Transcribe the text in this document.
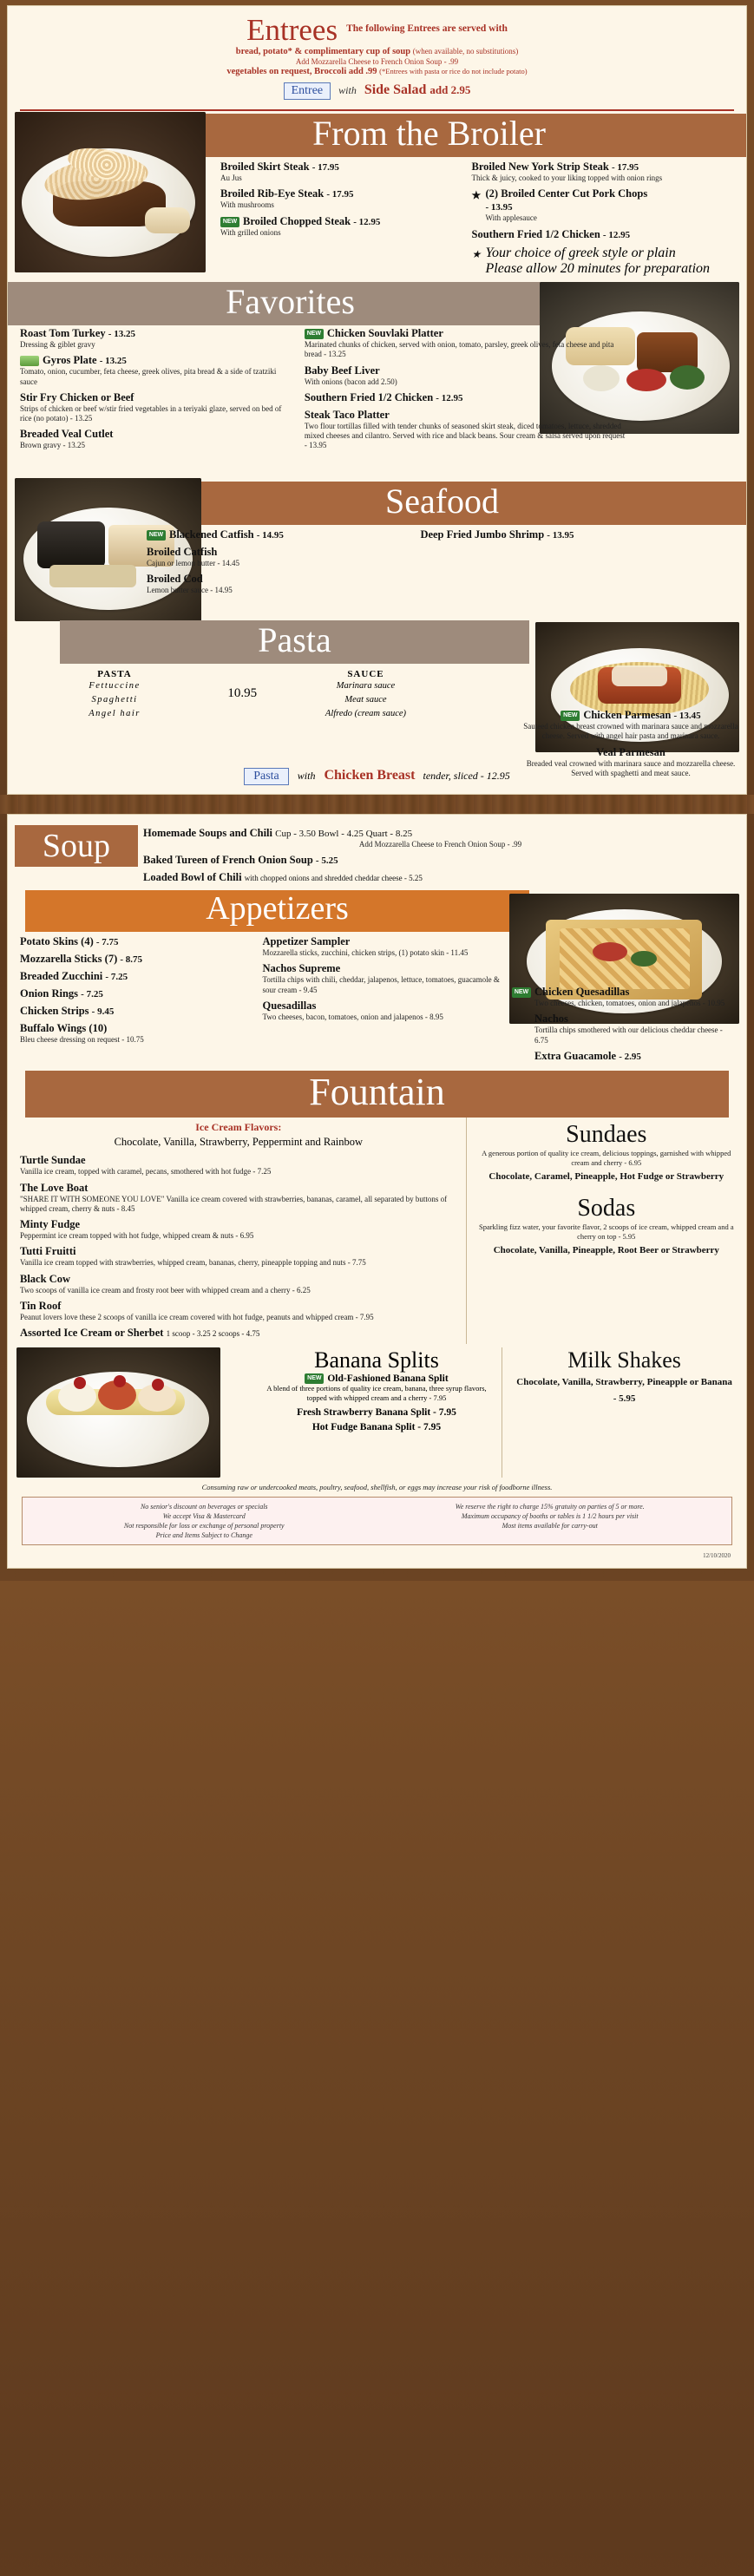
Entrees The following Entrees are served with
bread, potato* & complimentary cup of soup (when available, no substitutions)
Add Mozzarella Cheese to French Onion Soup - .99
vegetables on request, Broccoli add .99 (*Entrees with pasta or rice do not include potato)
Entree with Side Salad add 2.95
From the Broiler
Broiled Skirt Steak - 17.95
Au Jus
Broiled Rib-Eye Steak - 17.95
With mushrooms
NEW Broiled Chopped Steak - 12.95
With grilled onions
Broiled New York Strip Steak - 17.95
Thick & juicy, cooked to your liking topped with onion rings
★ (2) Broiled Center Cut Pork Chops
- 13.95
With applesauce
Southern Fried 1/2 Chicken - 12.95
★ Your choice of greek style or plain
Please allow 20 minutes for preparation
Favorites
Roast Tom Turkey - 13.25
Dressing & giblet gravy
Gyros Plate - 13.25
Tomato, onion, cucumber, feta cheese, greek olives, pita bread & a side of tzatziki sauce
Stir Fry Chicken or Beef
Strips of chicken or beef w/stir fried vegetables in a teriyaki glaze, served on bed of rice (no potato) - 13.25
Breaded Veal Cutlet
Brown gravy - 13.25
NEW Chicken Souvlaki Platter
Marinated chunks of chicken, served with onion, tomato, parsley, greek olives, feta cheese and pita bread - 13.25
Baby Beef Liver
With onions (bacon add 2.50)
Southern Fried 1/2 Chicken - 12.95
Steak Taco Platter
Two flour tortillas filled with tender chunks of seasoned skirt steak, diced tomatoes, lettuce, shredded mixed cheeses and cilantro. Served with rice and black beans. Sour cream & salsa served upon request - 13.95
Seafood
NEW Blackened Catfish - 14.95
Broiled Catfish
Cajun or lemon butter - 14.45
Broiled Cod
Lemon butter sauce - 14.95
Deep Fried Jumbo Shrimp - 13.95
Pasta
PASTA
Fettuccine
Spaghetti
Angel hair
10.95
SAUCE
Marinara sauce
Meat sauce
Alfredo (cream sauce)	NEW Chicken Parmesan - 13.45
Sauteed chicken breast crowned with marinara sauce and mozzarella cheese. Served with angel hair pasta and marinara sauce.
Veal Parmesan
Breaded veal crowned with marinara sauce and mozzarella cheese. Served with spaghetti and meat sauce.
Pasta with Chicken Breast tender, sliced - 12.95
Soup	Homemade Soups and Chili Cup - 3.50 Bowl - 4.25 Quart - 8.25
Add Mozzarella Cheese to French Onion Soup - .99
Baked Tureen of French Onion Soup - 5.25
Loaded Bowl of Chili with chopped onions and shredded cheddar cheese - 5.25
Appetizers
Potato Skins (4) - 7.75
Mozzarella Sticks (7) - 8.75
Breaded Zucchini - 7.25
Onion Rings - 7.25
Chicken Strips - 9.45
Buffalo Wings (10)
Bleu cheese dressing on request - 10.75
Appetizer Sampler
Mozzarella sticks, zucchini, chicken strips, (1) potato skin - 11.45
Nachos Supreme
Tortilla chips with chili, cheddar, jalapenos, lettuce, tomatoes, guacamole & sour cream - 9.45
Quesadillas
Two cheeses, bacon, tomatoes, onion and jalapenos - 8.95
NEW Chicken Quesadillas
Two cheeses, chicken, tomatoes, onion and jalapenos - 10.95
Nachos
Tortilla chips smothered with our delicious cheddar cheese - 6.75
Extra Guacamole - 2.95
Fountain
Ice Cream Flavors:
Chocolate, Vanilla, Strawberry, Peppermint and Rainbow
Turtle Sundae
Vanilla ice cream, topped with caramel, pecans, smothered with hot fudge - 7.25
The Love Boat
"SHARE IT WITH SOMEONE YOU LOVE" Vanilla ice cream covered with strawberries, bananas, caramel, all separated by buttons of whipped cream, cherry & nuts - 8.45
Minty Fudge
Peppermint ice cream topped with hot fudge, whipped cream & nuts - 6.95
Tutti Fruitti
Vanilla ice cream topped with strawberries, whipped cream, bananas, cherry, pineapple topping and nuts - 7.75
Black Cow
Two scoops of vanilla ice cream and frosty root beer with whipped cream and a cherry - 6.25
Tin Roof
Peanut lovers love these 2 scoops of vanilla ice cream covered with hot fudge, peanuts and whipped cream - 7.95
Assorted Ice Cream or Sherbet 1 scoop - 3.25 2 scoops - 4.75
Sundaes
A generous portion of quality ice cream, delicious toppings, garnished with whipped cream and cherry - 6.95
Chocolate, Caramel, Pineapple, Hot Fudge or Strawberry
Sodas
Sparkling fizz water, your favorite flavor, 2 scoops of ice cream, whipped cream and a cherry on top - 5.95
Chocolate, Vanilla, Pineapple, Root Beer or Strawberry
Banana Splits
NEW Old-Fashioned Banana Split
A blend of three portions of quality ice cream, banana, three syrup flavors, topped with whipped cream and a cherry - 7.95
Fresh Strawberry Banana Split - 7.95
Hot Fudge Banana Split - 7.95
Milk Shakes
Chocolate, Vanilla, Strawberry, Pineapple or Banana
- 5.95
Consuming raw or undercooked meats, poultry, seafood, shellfish, or eggs may increase your risk of foodborne illness.
No senior's discount on beverages or specials	We reserve the right to charge 15% gratuity on parties of 5 or more.
We accept Visa & Mastercard	Maximum occupancy of booths or tables is 1 1/2 hours per visit
Not responsible for loss or exchange of personal property	Most items available for carry-out
Price and Items Subject to Change
12/10/2020
